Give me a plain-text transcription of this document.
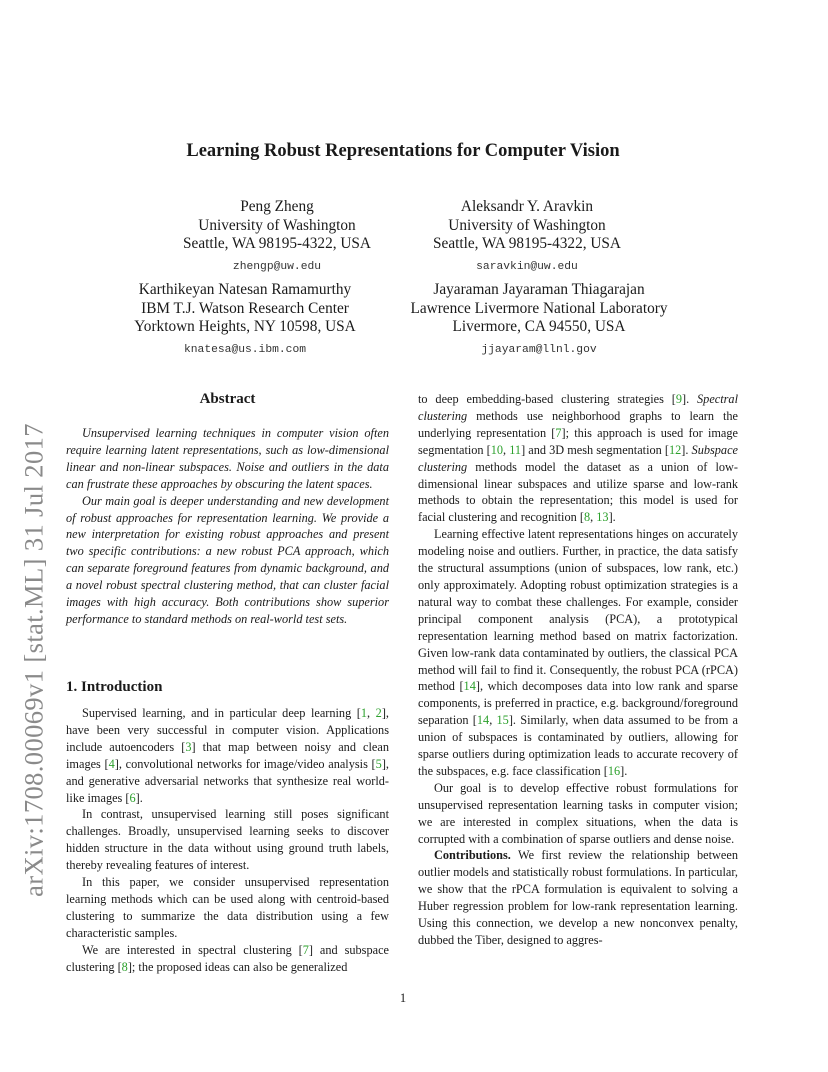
arXiv:1708.00069v1 [stat.ML] 31 Jul 2017
Learning Robust Representations for Computer Vision
Peng Zheng
University of Washington
Seattle, WA 98195-4322, USA
zhengp@uw.edu
Aleksandr Y. Aravkin
University of Washington
Seattle, WA 98195-4322, USA
saravkin@uw.edu
Karthikeyan Natesan Ramamurthy
IBM T.J. Watson Research Center
Yorktown Heights, NY 10598, USA
knatesa@us.ibm.com
Jayaraman Jayaraman Thiagarajan
Lawrence Livermore National Laboratory
Livermore, CA 94550, USA
jjayaram@llnl.gov
Abstract

Unsupervised learning techniques in computer vision often require learning latent representations, such as low-dimensional linear and non-linear subspaces. Noise and outliers in the data can frustrate these approaches by obscuring the latent spaces.

Our main goal is deeper understanding and new development of robust approaches for representation learning. We provide a new interpretation for existing robust approaches and present two specific contributions: a new robust PCA approach, which can separate foreground features from dynamic background, and a novel robust spectral clustering method, that can cluster facial images with high accuracy. Both contributions show superior performance to standard methods on real-world test sets.

1. Introduction

Supervised learning, and in particular deep learning [1, 2], have been very successful in computer vision. Applications include autoencoders [3] that map between noisy and clean images [4], convolutional networks for image/video analysis [5], and generative adversarial networks that synthesize real world-like images [6].

In contrast, unsupervised learning still poses significant challenges. Broadly, unsupervised learning seeks to discover hidden structure in the data without using ground truth labels, thereby revealing features of interest.

In this paper, we consider unsupervised representation learning methods which can be used along with centroid-based clustering to summarize the data distribution using a few characteristic samples.

We are interested in spectral clustering [7] and subspace clustering [8]; the proposed ideas can also be generalized

to deep embedding-based clustering strategies [9]. Spectral clustering methods use neighborhood graphs to learn the underlying representation [7]; this approach is used for image segmentation [10, 11] and 3D mesh segmentation [12]. Subspace clustering methods model the dataset as a union of low-dimensional linear subspaces and utilize sparse and low-rank methods to obtain the representation; this model is used for facial clustering and recognition [8, 13].

Learning effective latent representations hinges on accurately modeling noise and outliers. Further, in practice, the data satisfy the structural assumptions (union of subspaces, low rank, etc.) only approximately. Adopting robust optimization strategies is a natural way to combat these challenges. For example, consider principal component analysis (PCA), a prototypical representation learning method based on matrix factorization. Given low-rank data contaminated by outliers, the classical PCA method will fail to find it. Consequently, the robust PCA (rPCA) method [14], which decomposes data into low rank and sparse components, is preferred in practice, e.g. background/foreground separation [14, 15]. Similarly, when data assumed to be from a union of subspaces is contaminated by outliers, allowing for sparse outliers during optimization leads to accurate recovery of the subspaces, e.g. face classification [16].

Our goal is to develop effective robust formulations for unsupervised representation learning tasks in computer vision; we are interested in complex situations, when the data is corrupted with a combination of sparse outliers and dense noise.

Contributions. We first review the relationship between outlier models and statistically robust formulations. In particular, we show that the rPCA formulation is equivalent to solving a Huber regression problem for low-rank representation learning. Using this connection, we develop a new nonconvex penalty, dubbed the Tiber, designed to aggres-

1
